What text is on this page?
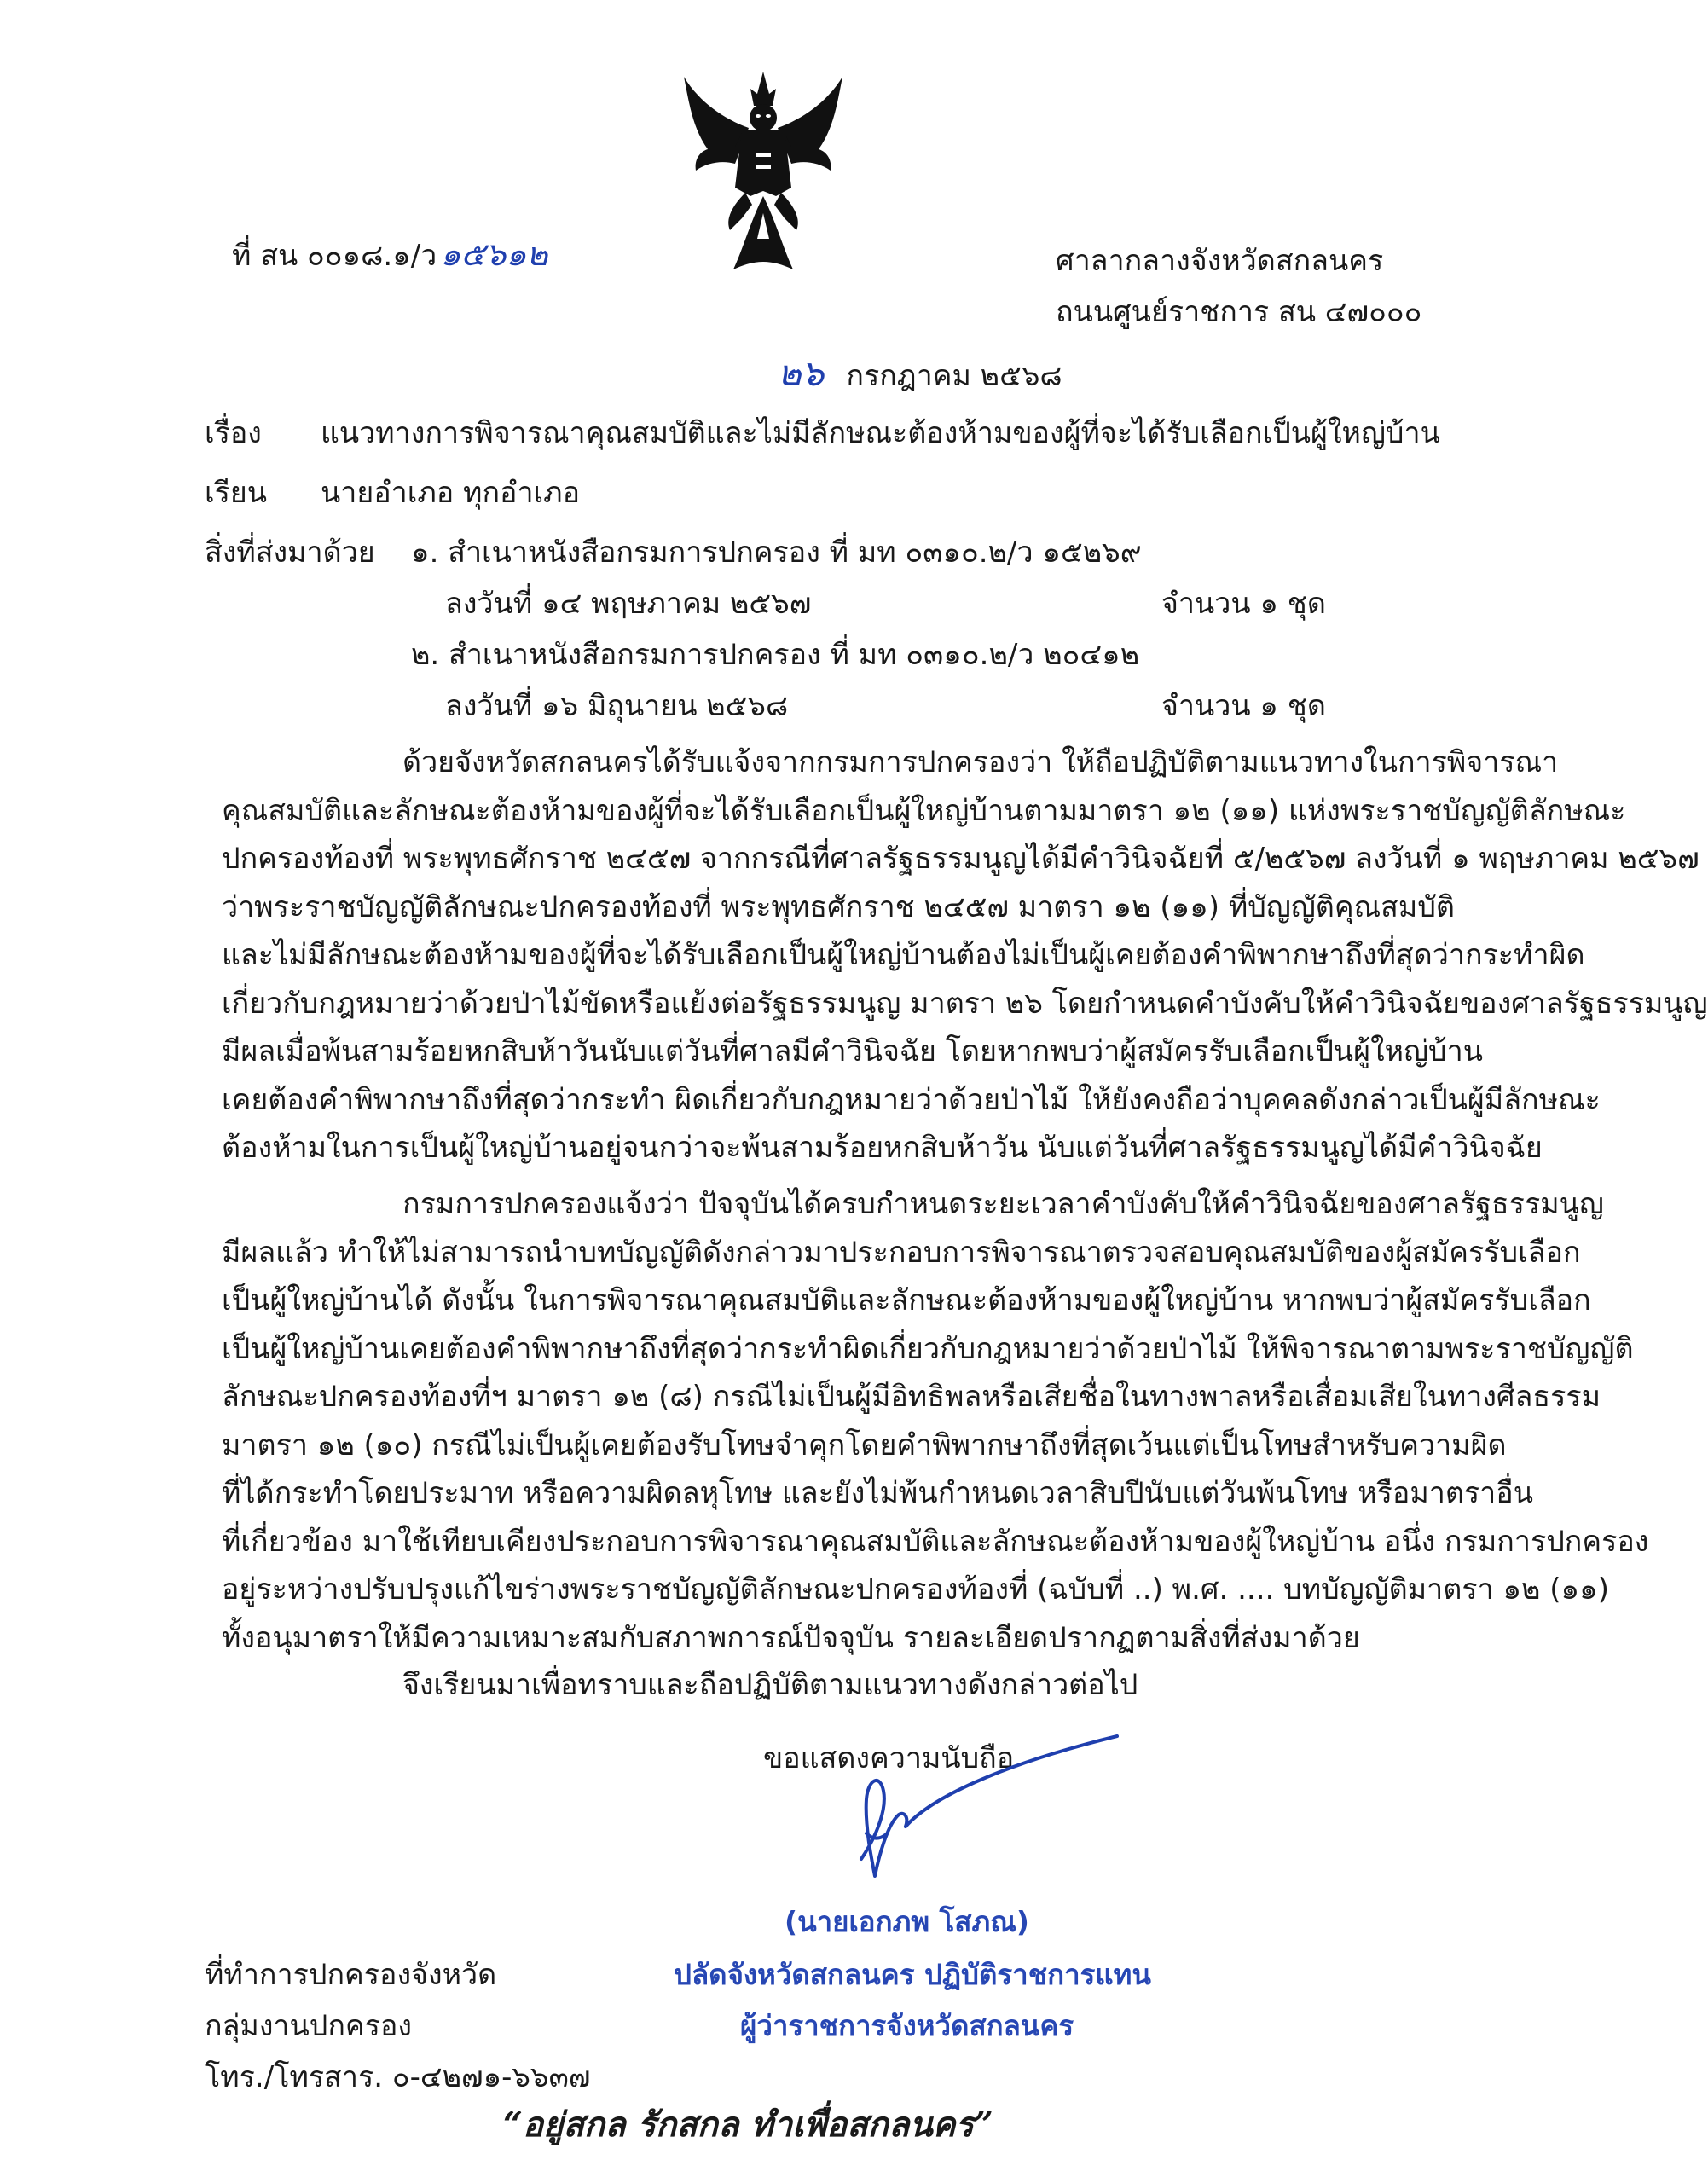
ที่ สน ๐๐๑๘.๑/ว ๑๕๖๑๒	ศาลากลางจังหวัดสกลนคร
ถนนศูนย์ราชการ สน ๔๗๐๐๐
๒๖ กรกฎาคม ๒๕๖๘
เรื่อง แนวทางการพิจารณาคุณสมบัติและไม่มีลักษณะต้องห้ามของผู้ที่จะได้รับเลือกเป็นผู้ใหญ่บ้าน
เรียน นายอำเภอ ทุกอำเภอ
สิ่งที่ส่งมาด้วย ๑. สำเนาหนังสือกรมการปกครอง ที่ มท ๐๓๑๐.๒/ว ๑๕๒๖๙
ลงวันที่ ๑๔ พฤษภาคม ๒๕๖๗	จำนวน ๑ ชุด
๒. สำเนาหนังสือกรมการปกครอง ที่ มท ๐๓๑๐.๒/ว ๒๐๔๑๒
ลงวันที่ ๑๖ มิถุนายน ๒๕๖๘	จำนวน ๑ ชุด
ด้วยจังหวัดสกลนครได้รับแจ้งจากกรมการปกครองว่า ให้ถือปฏิบัติตามแนวทางในการพิจารณา
คุณสมบัติและลักษณะต้องห้ามของผู้ที่จะได้รับเลือกเป็นผู้ใหญ่บ้านตามมาตรา ๑๒ (๑๑) แห่งพระราชบัญญัติลักษณะ
ปกครองท้องที่ พระพุทธศักราช ๒๔๕๗ จากกรณีที่ศาลรัฐธรรมนูญได้มีคำวินิจฉัยที่ ๕/๒๕๖๗ ลงวันที่ ๑ พฤษภาคม ๒๕๖๗
ว่าพระราชบัญญัติลักษณะปกครองท้องที่ พระพุทธศักราช ๒๔๕๗ มาตรา ๑๒ (๑๑) ที่บัญญัติคุณสมบัติ
และไม่มีลักษณะต้องห้ามของผู้ที่จะได้รับเลือกเป็นผู้ใหญ่บ้านต้องไม่เป็นผู้เคยต้องคำพิพากษาถึงที่สุดว่ากระทำผิด
เกี่ยวกับกฎหมายว่าด้วยป่าไม้ขัดหรือแย้งต่อรัฐธรรมนูญ มาตรา ๒๖ โดยกำหนดคำบังคับให้คำวินิจฉัยของศาลรัฐธรรมนูญ
มีผลเมื่อพ้นสามร้อยหกสิบห้าวันนับแต่วันที่ศาลมีคำวินิจฉัย โดยหากพบว่าผู้สมัครรับเลือกเป็นผู้ใหญ่บ้าน
เคยต้องคำพิพากษาถึงที่สุดว่ากระทำ ผิดเกี่ยวกับกฎหมายว่าด้วยป่าไม้ ให้ยังคงถือว่าบุคคลดังกล่าวเป็นผู้มีลักษณะ
ต้องห้ามในการเป็นผู้ใหญ่บ้านอยู่จนกว่าจะพ้นสามร้อยหกสิบห้าวัน นับแต่วันที่ศาลรัฐธรรมนูญได้มีคำวินิจฉัย
กรมการปกครองแจ้งว่า ปัจจุบันได้ครบกำหนดระยะเวลาคำบังคับให้คำวินิจฉัยของศาลรัฐธรรมนูญ
มีผลแล้ว ทำให้ไม่สามารถนำบทบัญญัติดังกล่าวมาประกอบการพิจารณาตรวจสอบคุณสมบัติของผู้สมัครรับเลือก
เป็นผู้ใหญ่บ้านได้ ดังนั้น ในการพิจารณาคุณสมบัติและลักษณะต้องห้ามของผู้ใหญ่บ้าน หากพบว่าผู้สมัครรับเลือก
เป็นผู้ใหญ่บ้านเคยต้องคำพิพากษาถึงที่สุดว่ากระทำผิดเกี่ยวกับกฎหมายว่าด้วยป่าไม้ ให้พิจารณาตามพระราชบัญญัติ
ลักษณะปกครองท้องที่ฯ มาตรา ๑๒ (๘) กรณีไม่เป็นผู้มีอิทธิพลหรือเสียชื่อในทางพาลหรือเสื่อมเสียในทางศีลธรรม
มาตรา ๑๒ (๑๐) กรณีไม่เป็นผู้เคยต้องรับโทษจำคุกโดยคำพิพากษาถึงที่สุดเว้นแต่เป็นโทษสำหรับความผิด
ที่ได้กระทำโดยประมาท หรือความผิดลหุโทษ และยังไม่พ้นกำหนดเวลาสิบปีนับแต่วันพ้นโทษ หรือมาตราอื่น
ที่เกี่ยวข้อง มาใช้เทียบเคียงประกอบการพิจารณาคุณสมบัติและลักษณะต้องห้ามของผู้ใหญ่บ้าน อนึ่ง กรมการปกครอง
อยู่ระหว่างปรับปรุงแก้ไขร่างพระราชบัญญัติลักษณะปกครองท้องที่ (ฉบับที่ ..) พ.ศ. .... บทบัญญัติมาตรา ๑๒ (๑๑)
ทั้งอนุมาตราให้มีความเหมาะสมกับสภาพการณ์ปัจจุบัน รายละเอียดปรากฏตามสิ่งที่ส่งมาด้วย
จึงเรียนมาเพื่อทราบและถือปฏิบัติตามแนวทางดังกล่าวต่อไป
ขอแสดงความนับถือ
(นายเอกภพ โสภณ)
ปลัดจังหวัดสกลนคร ปฏิบัติราชการแทน
ผู้ว่าราชการจังหวัดสกลนคร
ที่ทำการปกครองจังหวัด
กลุ่มงานปกครอง
โทร./โทรสาร. ๐-๔๒๗๑-๖๖๓๗
“อยู่สกล รักสกล ทำเพื่อสกลนคร”
